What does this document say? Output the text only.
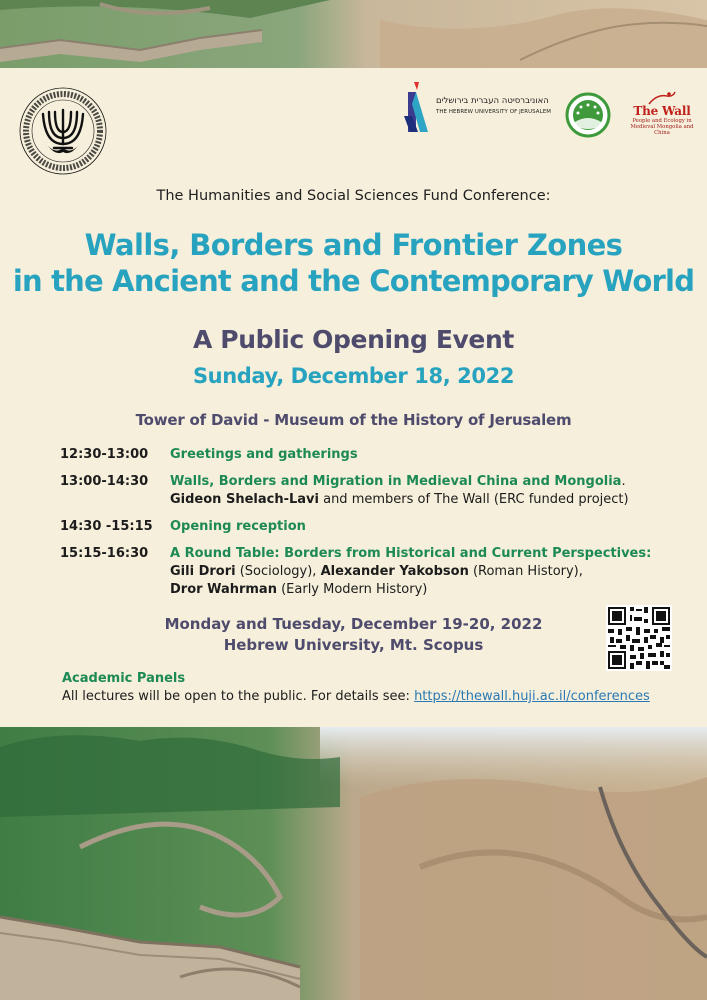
האוניברסיטה העברית בירושלים
THE HEBREW UNIVERSITY OF JERUSALEM	The Wall
People and Ecology in
Medieval Mongolia and China
The Humanities and Social Sciences Fund Conference:
Walls, Borders and Frontier Zones
in the Ancient and the Contemporary World
A Public Opening Event
Sunday, December 18, 2022
Tower of David - Museum of the History of Jerusalem
12:30-13:00	Greetings and gatherings
13:00-14:30	Walls, Borders and Migration in Medieval China and Mongolia.
Gideon Shelach-Lavi and members of The Wall (ERC funded project)
14:30 -15:15	Opening reception
15:15-16:30	A Round Table: Borders from Historical and Current Perspectives:
Gili Drori (Sociology), Alexander Yakobson (Roman History),
Dror Wahrman (Early Modern History)
Monday and Tuesday, December 19-20, 2022
Hebrew University, Mt. Scopus
Academic Panels
All lectures will be open to the public. For details see: https://thewall.huji.ac.il/conferences
